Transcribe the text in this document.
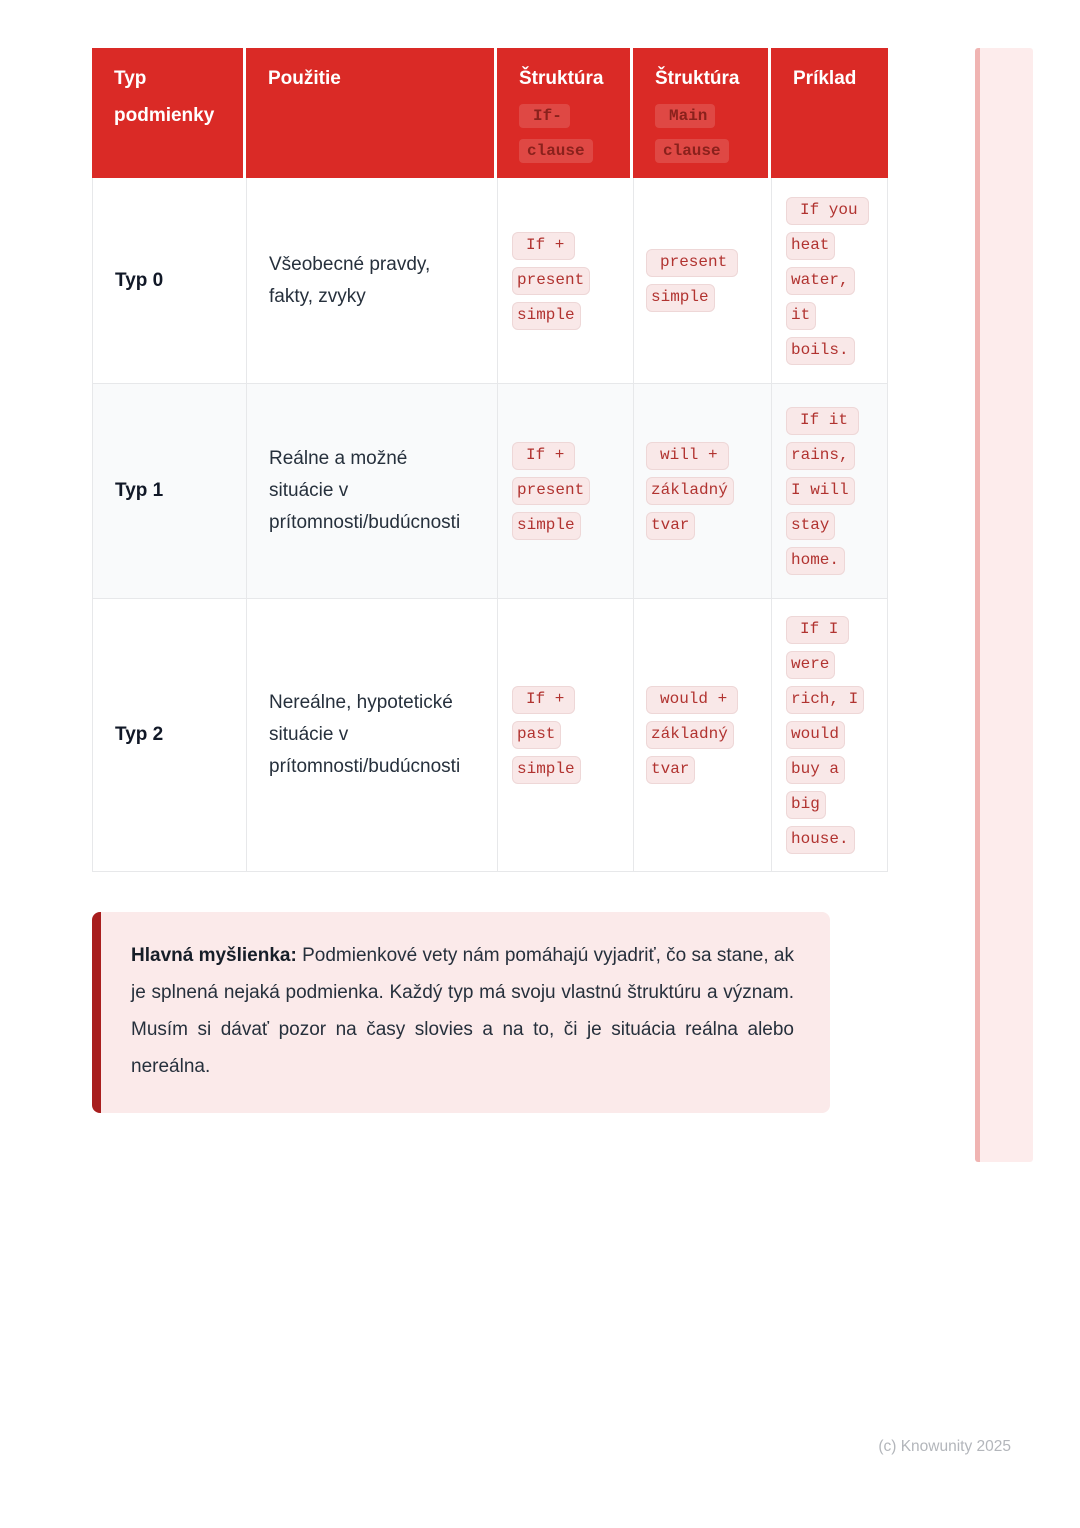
Typ podmienky
Použitie	Štruktúra
If-
clause
Štruktúra
Main
clause
Príklad
Typ 0
Všeobecné pravdy, fakty, zvyky
If +
present
simple
present
simple
If you
heat
water,
it
boils.
Typ 1
Reálne a možné situácie v prítomnosti/budúcnosti
If +
present
simple
will +
základný
tvar
If it
rains,
I will
stay
home.
Typ 2
Nereálne, hypotetické situácie v prítomnosti/budúcnosti
If +
past
simple
would +
základný
tvar
If I
were
rich, I
would
buy a
big
house.

Hlavná myšlienka: Podmienkové vety nám pomáhajú vyjadriť, čo sa stane, ak je splnená nejaká podmienka. Každý typ má svoju vlastnú štruktúru a význam. Musím si dávať pozor na časy slovies a na to, či je situácia reálna alebo nereálna.

(c) Knowunity 2025
